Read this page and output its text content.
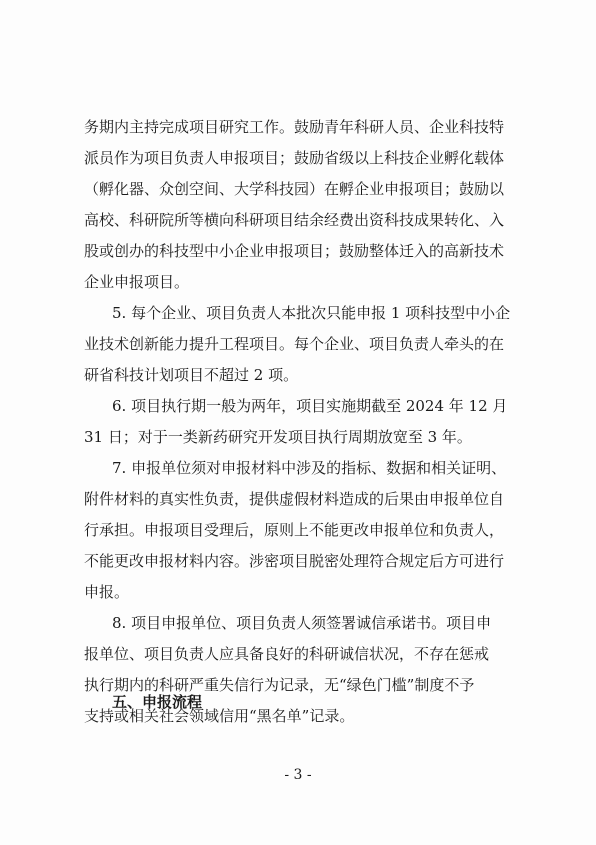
务期内主持完成项目研究工作。鼓励青年科研人员、企业科技特
派员作为项目负责人申报项目；鼓励省级以上科技企业孵化载体
（孵化器、众创空间、大学科技园）在孵企业申报项目；鼓励以
高校、科研院所等横向科研项目结余经费出资科技成果转化、入
股或创办的科技型中小企业申报项目；鼓励整体迁入的高新技术
企业申报项目。
5. 每个企业、项目负责人本批次只能申报 1 项科技型中小企
业技术创新能力提升工程项目。每个企业、项目负责人牵头的在
研省科技计划项目不超过 2 项。
6. 项目执行期一般为两年，项目实施期截至 2024 年 12 月
31 日；对于一类新药研究开发项目执行周期放宽至 3 年。
7. 申报单位须对申报材料中涉及的指标、数据和相关证明、
附件材料的真实性负责，提供虚假材料造成的后果由申报单位自
行承担。申报项目受理后，原则上不能更改申报单位和负责人，
不能更改申报材料内容。涉密项目脱密处理符合规定后方可进行
申报。
8. 项目申报单位、项目负责人须签署诚信承诺书。项目申
报单位、项目负责人应具备良好的科研诚信状况，不存在惩戒
执行期内的科研严重失信行为记录，无“绿色门槛”制度不予
支持或相关社会领域信用“黑名单”记录。
五、申报流程
- 3 -
